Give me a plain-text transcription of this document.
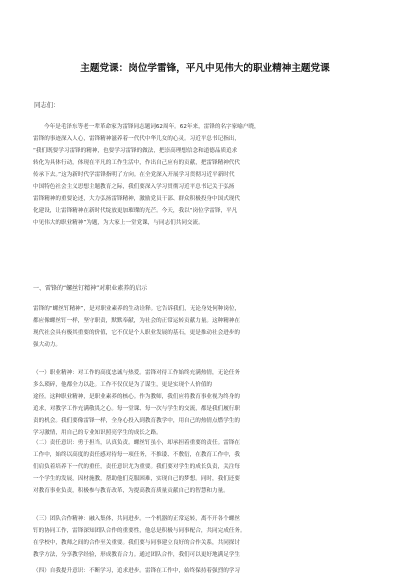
主题党课：岗位学雷锋，平凡中见伟大的职业精神主题党课
同志们：
今年是毛泽东等老一辈革命家为雷锋同志题词62周年。62年来，雷锋的名字家喻户晓，
雷锋的事迹深入人心，雷锋精神滋养着一代代中华儿女的心灵。习近平总书记指出，
“我们既要学习雷锋的精神，也要学习雷锋的做法，把崇高理想信念和道德品质追求
转化为具体行动，体现在平凡的工作生活中，作出自己应有的贡献，把雷锋精神代代
传承下去。”这为新时代学雷锋指明了方向。在全党深入开展学习贯彻习近平新时代
中国特色社会主义思想主题教育之际，我们要深入学习贯彻习近平总书记关于弘扬
雷锋精神的重要论述，大力弘扬雷锋精神，激励党员干部、群众积极投身中国式现代
化建设，让雷锋精神在新时代绽放更加璀璨的光芒。今天，我以“岗位学雷锋，平凡
中见伟大的职业精神”为题，为大家上一堂党课，与同志们共同交流。
一、雷锋的“螺丝钉精神”对职业素养的启示
雷锋的“螺丝钉精神”，是对职业素养的生动诠释。它告诉我们，无论身处何种岗位，
都应像螺丝钉一样，坚守职责，默默奉献，为社会的正常运转贡献力量。这种精神在
现代社会具有极其重要的价值，它不仅是个人职业发展的基石，更是推动社会进步的
强大动力。
（一）职业精神：对工作的高度忠诚与热爱。雷锋对待工作始终充满热情，无论任务
多么琐碎，他都全力以赴。工作不仅仅是为了谋生，更是实现个人价值的
途径。这种职业精神，是职业素养的核心。作为教师，我们应将教育事业视为终身的
追求，对教学工作充满敬畏之心。每一堂课、每一次与学生的交流，都是我们履行职
责的机会。我们要像雷锋一样，全身心投入到教育教学中，用自己的热情点燃学生的
学习激情，用自己的专业知识照亮学生的成长之路。
（二）责任意识：勇于担当，认真负责。螺丝钉虽小，却承担着重要的责任。雷锋在
工作中，始终以高度的责任感对待每一项任务，不推诿、不敷衍，在教育工作中，我
们肩负着培养下一代的重任，责任意识尤为重要。我们要对学生的成长负责，关注每
一个学生的发展，因材施教，帮助他们克服困难，实现自己的梦想。同时，我们还要
对教育事业负责，积极参与教育改革，为提高教育质量贡献自己的智慧和力量。
（三）团队合作精神：融入集体，共同进步。一个机器的正常运转，离不开各个螺丝
钉的协同工作，雷锋深知团队合作的重要性，他总是积极与同事配合，共同完成任务。
在学校中，教师之间的合作至关重要。我们要与同事建立良好的合作关系，共同探讨
教学方法，分享教学经验，形成教育合力。通过团队合作，我们可以更好地满足学生
（四）自我提升意识：不断学习，追求进步。雷锋在工作中，始终保持着强烈的学习
